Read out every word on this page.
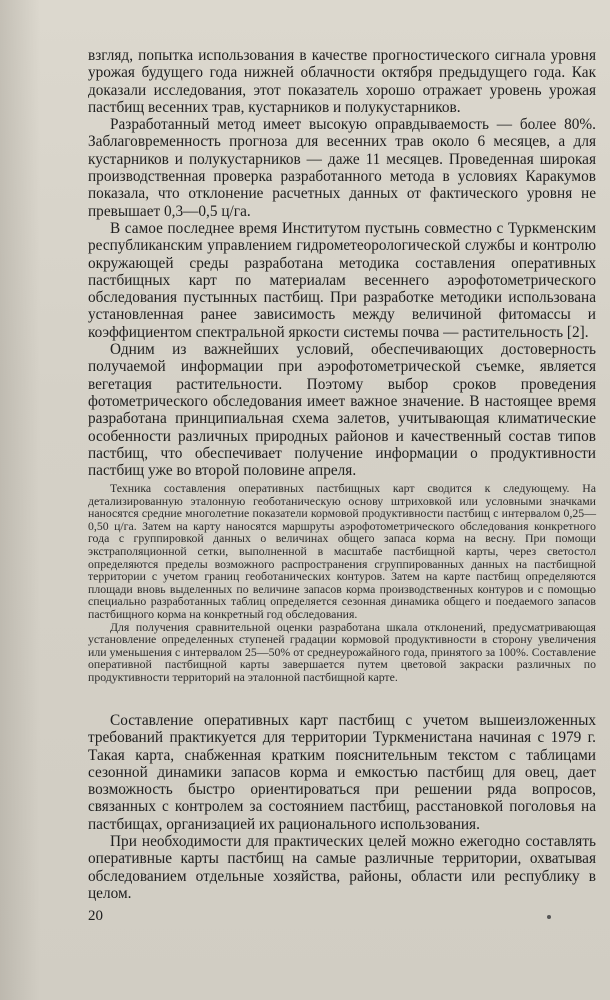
взгляд, попытка использования в качестве прогностического сигнала уровня урожая будущего года нижней облачности октября предыдущего года. Как доказали исследования, этот показатель хорошо отражает уровень урожая пастбищ весенних трав, кустарников и полукустарников.

Разработанный метод имеет высокую оправдываемость — более 80%. Заблаговременность прогноза для весенних трав около 6 месяцев, а для кустарников и полукустарников — даже 11 месяцев. Проведенная широкая производственная проверка разработанного метода в условиях Каракумов показала, что отклонение расчетных данных от фактического уровня не превышает 0,3—0,5 ц/га.

В самое последнее время Институтом пустынь совместно с Туркменским республиканским управлением гидрометеорологической службы и контролю окружающей среды разработана методика составления оперативных пастбищных карт по материалам весеннего аэрофотометрического обследования пустынных пастбищ. При разработке методики использована установленная ранее зависимость между величиной фитомассы и коэффициентом спектральной яркости системы почва — растительность [2].

Одним из важнейших условий, обеспечивающих достоверность получаемой информации при аэрофотометрической съемке, является вегетация растительности. Поэтому выбор сроков проведения фотометрического обследования имеет важное значение. В настоящее время разработана принципиальная схема залетов, учитывающая климатические особенности различных природных районов и качественный состав типов пастбищ, что обеспечивает получение информации о продуктивности пастбищ уже во второй половине апреля.

Техника составления оперативных пастбищных карт сводится к следующему. На детализированную эталонную геоботаническую основу штриховкой или условными значками наносятся средние многолетние показатели кормовой продуктивности пастбищ с интервалом 0,25—0,50 ц/га. Затем на карту наносятся маршруты аэрофотометрического обследования конкретного года с группировкой данных о величинах общего запаса корма на весну. При помощи экстраполяционной сетки, выполненной в масштабе пастбищной карты, через светостол определяются пределы возможного распространения сгруппированных данных на пастбищной территории с учетом границ геоботанических контуров. Затем на карте пастбищ определяются площади вновь выделенных по величине запасов корма производственных контуров и с помощью специально разработанных таблиц определяется сезонная динамика общего и поедаемого запасов пастбищного корма на конкретный год обследования.

Для получения сравнительной оценки разработана шкала отклонений, предусматривающая установление определенных ступеней градации кормовой продуктивности в сторону увеличения или уменьшения с интервалом 25—50% от среднеурожайного года, принятого за 100%. Составление оперативной пастбищной карты завершается путем цветовой закраски различных по продуктивности территорий на эталонной пастбищной карте.

Составление оперативных карт пастбищ с учетом вышеизложенных требований практикуется для территории Туркменистана начиная с 1979 г. Такая карта, снабженная кратким пояснительным текстом с таблицами сезонной динамики запасов корма и емкостью пастбищ для овец, дает возможность быстро ориентироваться при решении ряда вопросов, связанных с контролем за состоянием пастбищ, расстановкой поголовья на пастбищах, организацией их рационального использования.

При необходимости для практических целей можно ежегодно составлять оперативные карты пастбищ на самые различные территории, охватывая обследованием отдельные хозяйства, районы, области или республику в целом.

20
